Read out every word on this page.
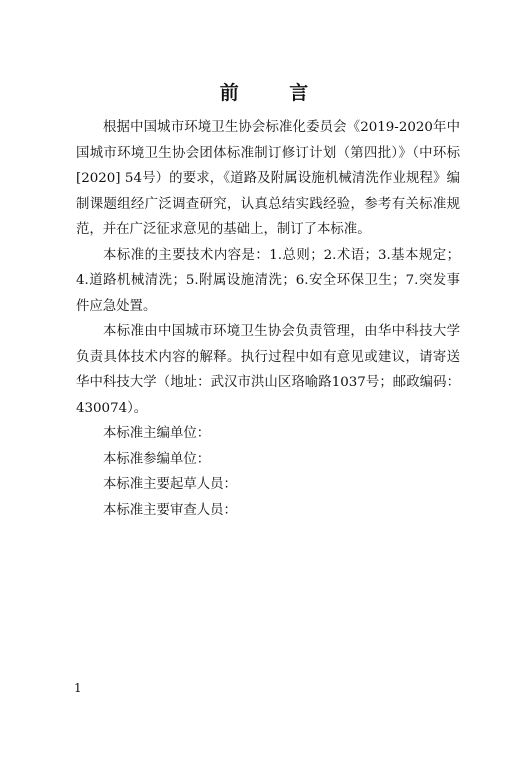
前 言

根据中国城市环境卫生协会标准化委员会《2019-2020年中国城市环境卫生协会团体标准制订修订计划（第四批）》（中环标[2020] 54号）的要求，《道路及附属设施机械清洗作业规程》编制课题组经广泛调查研究，认真总结实践经验，参考有关标准规范，并在广泛征求意见的基础上，制订了本标准。

本标准的主要技术内容是：1.总则；2.术语；3.基本规定；4.道路机械清洗；5.附属设施清洗；6.安全环保卫生；7.突发事件应急处置。

本标准由中国城市环境卫生协会负责管理，由华中科技大学负责具体技术内容的解释。执行过程中如有意见或建议，请寄送华中科技大学（地址：武汉市洪山区珞喻路1037号；邮政编码：430074）。

本标准主编单位：

本标准参编单位：

本标准主要起草人员：

本标准主要审查人员：

1
